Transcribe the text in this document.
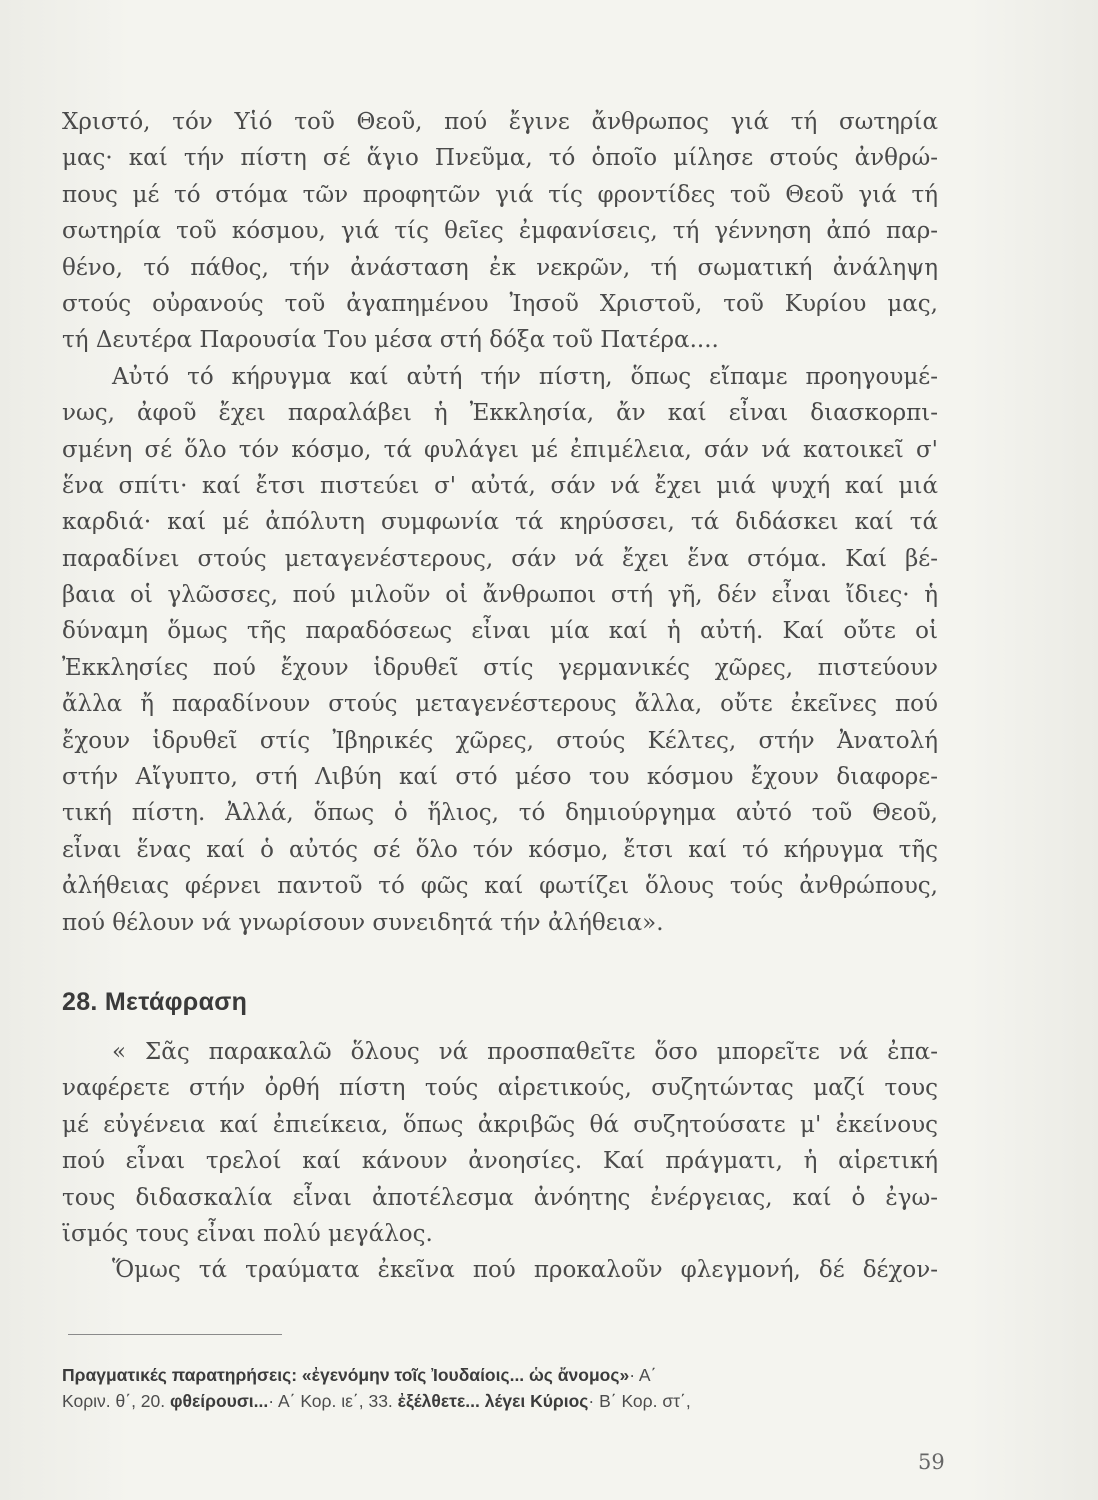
Χριστό, τόν Υἱό τοῦ Θεοῦ, πού ἔγινε ἄνθρωπος γιά τή σωτηρία
μας· καί τήν πίστη σέ ἅγιο Πνεῦμα, τό ὁποῖο μίλησε στούς ἀνθρώ-
πους μέ τό στόμα τῶν προφητῶν γιά τίς φροντίδες τοῦ Θεοῦ γιά τή
σωτηρία τοῦ κόσμου, γιά τίς θεῖες ἐμφανίσεις, τή γέννηση ἀπό παρ-
θένο, τό πάθος, τήν ἀνάσταση ἐκ νεκρῶν, τή σωματική ἀνάληψη
στούς οὐρανούς τοῦ ἀγαπημένου Ἰησοῦ Χριστοῦ, τοῦ Κυρίου μας,
τή Δευτέρα Παρουσία Του μέσα στή δόξα τοῦ Πατέρα....
Αὐτό τό κήρυγμα καί αὐτή τήν πίστη, ὅπως εἴπαμε προηγουμέ-
νως, ἀφοῦ ἔχει παραλάβει ἡ Ἐκκλησία, ἄν καί εἶναι διασκορπι-
σμένη σέ ὅλο τόν κόσμο, τά φυλάγει μέ ἐπιμέλεια, σάν νά κατοικεῖ σ'
ἕνα σπίτι· καί ἔτσι πιστεύει σ' αὐτά, σάν νά ἔχει μιά ψυχή καί μιά
καρδιά· καί μέ ἀπόλυτη συμφωνία τά κηρύσσει, τά διδάσκει καί τά
παραδίνει στούς μεταγενέστερους, σάν νά ἔχει ἕνα στόμα. Καί βέ-
βαια οἱ γλῶσσες, πού μιλοῦν οἱ ἄνθρωποι στή γῆ, δέν εἶναι ἴδιες· ἡ
δύναμη ὅμως τῆς παραδόσεως εἶναι μία καί ἡ αὐτή. Καί οὔτε οἱ
Ἐκκλησίες πού ἔχουν ἱδρυθεῖ στίς γερμανικές χῶρες, πιστεύουν
ἄλλα ἤ παραδίνουν στούς μεταγενέστερους ἄλλα, οὔτε ἐκεῖνες πού
ἔχουν ἱδρυθεῖ στίς Ἰβηρικές χῶρες, στούς Κέλτες, στήν Ἀνατολή
στήν Αἴγυπτο, στή Λιβύη καί στό μέσο του κόσμου ἔχουν διαφορε-
τική πίστη. Ἀλλά, ὅπως ὁ ἥλιος, τό δημιούργημα αὐτό τοῦ Θεοῦ,
εἶναι ἕνας καί ὁ αὐτός σέ ὅλο τόν κόσμο, ἔτσι καί τό κήρυγμα τῆς
ἀλήθειας φέρνει παντοῦ τό φῶς καί φωτίζει ὅλους τούς ἀνθρώπους,
πού θέλουν νά γνωρίσουν συνειδητά τήν ἀλήθεια».
28. Μετάφραση
« Σᾶς παρακαλῶ ὅλους νά προσπαθεῖτε ὅσο μπορεῖτε νά ἐπα-
ναφέρετε στήν ὀρθή πίστη τούς αἱρετικούς, συζητώντας μαζί τους
μέ εὐγένεια καί ἐπιείκεια, ὅπως ἀκριβῶς θά συζητούσατε μ' ἐκείνους
πού εἶναι τρελοί καί κάνουν ἀνοησίες. Καί πράγματι, ἡ αἱρετική
τους διδασκαλία εἶναι ἀποτέλεσμα ἀνόητης ἐνέργειας, καί ὁ ἐγω-
ϊσμός τους εἶναι πολύ μεγάλος.
Ὅμως τά τραύματα ἐκεῖνα πού προκαλοῦν φλεγμονή, δέ δέχον-
Πραγματικές παρατηρήσεις: «ἐγενόμην τοῖς Ἰουδαίοις... ὡς ἄνομος»· Α΄
Κοριν. θ΄, 20. φθείρουσι...· Α΄ Κορ. ιε΄, 33. ἐξέλθετε... λέγει Κύριος· Β΄ Κορ. στ΄,
59
